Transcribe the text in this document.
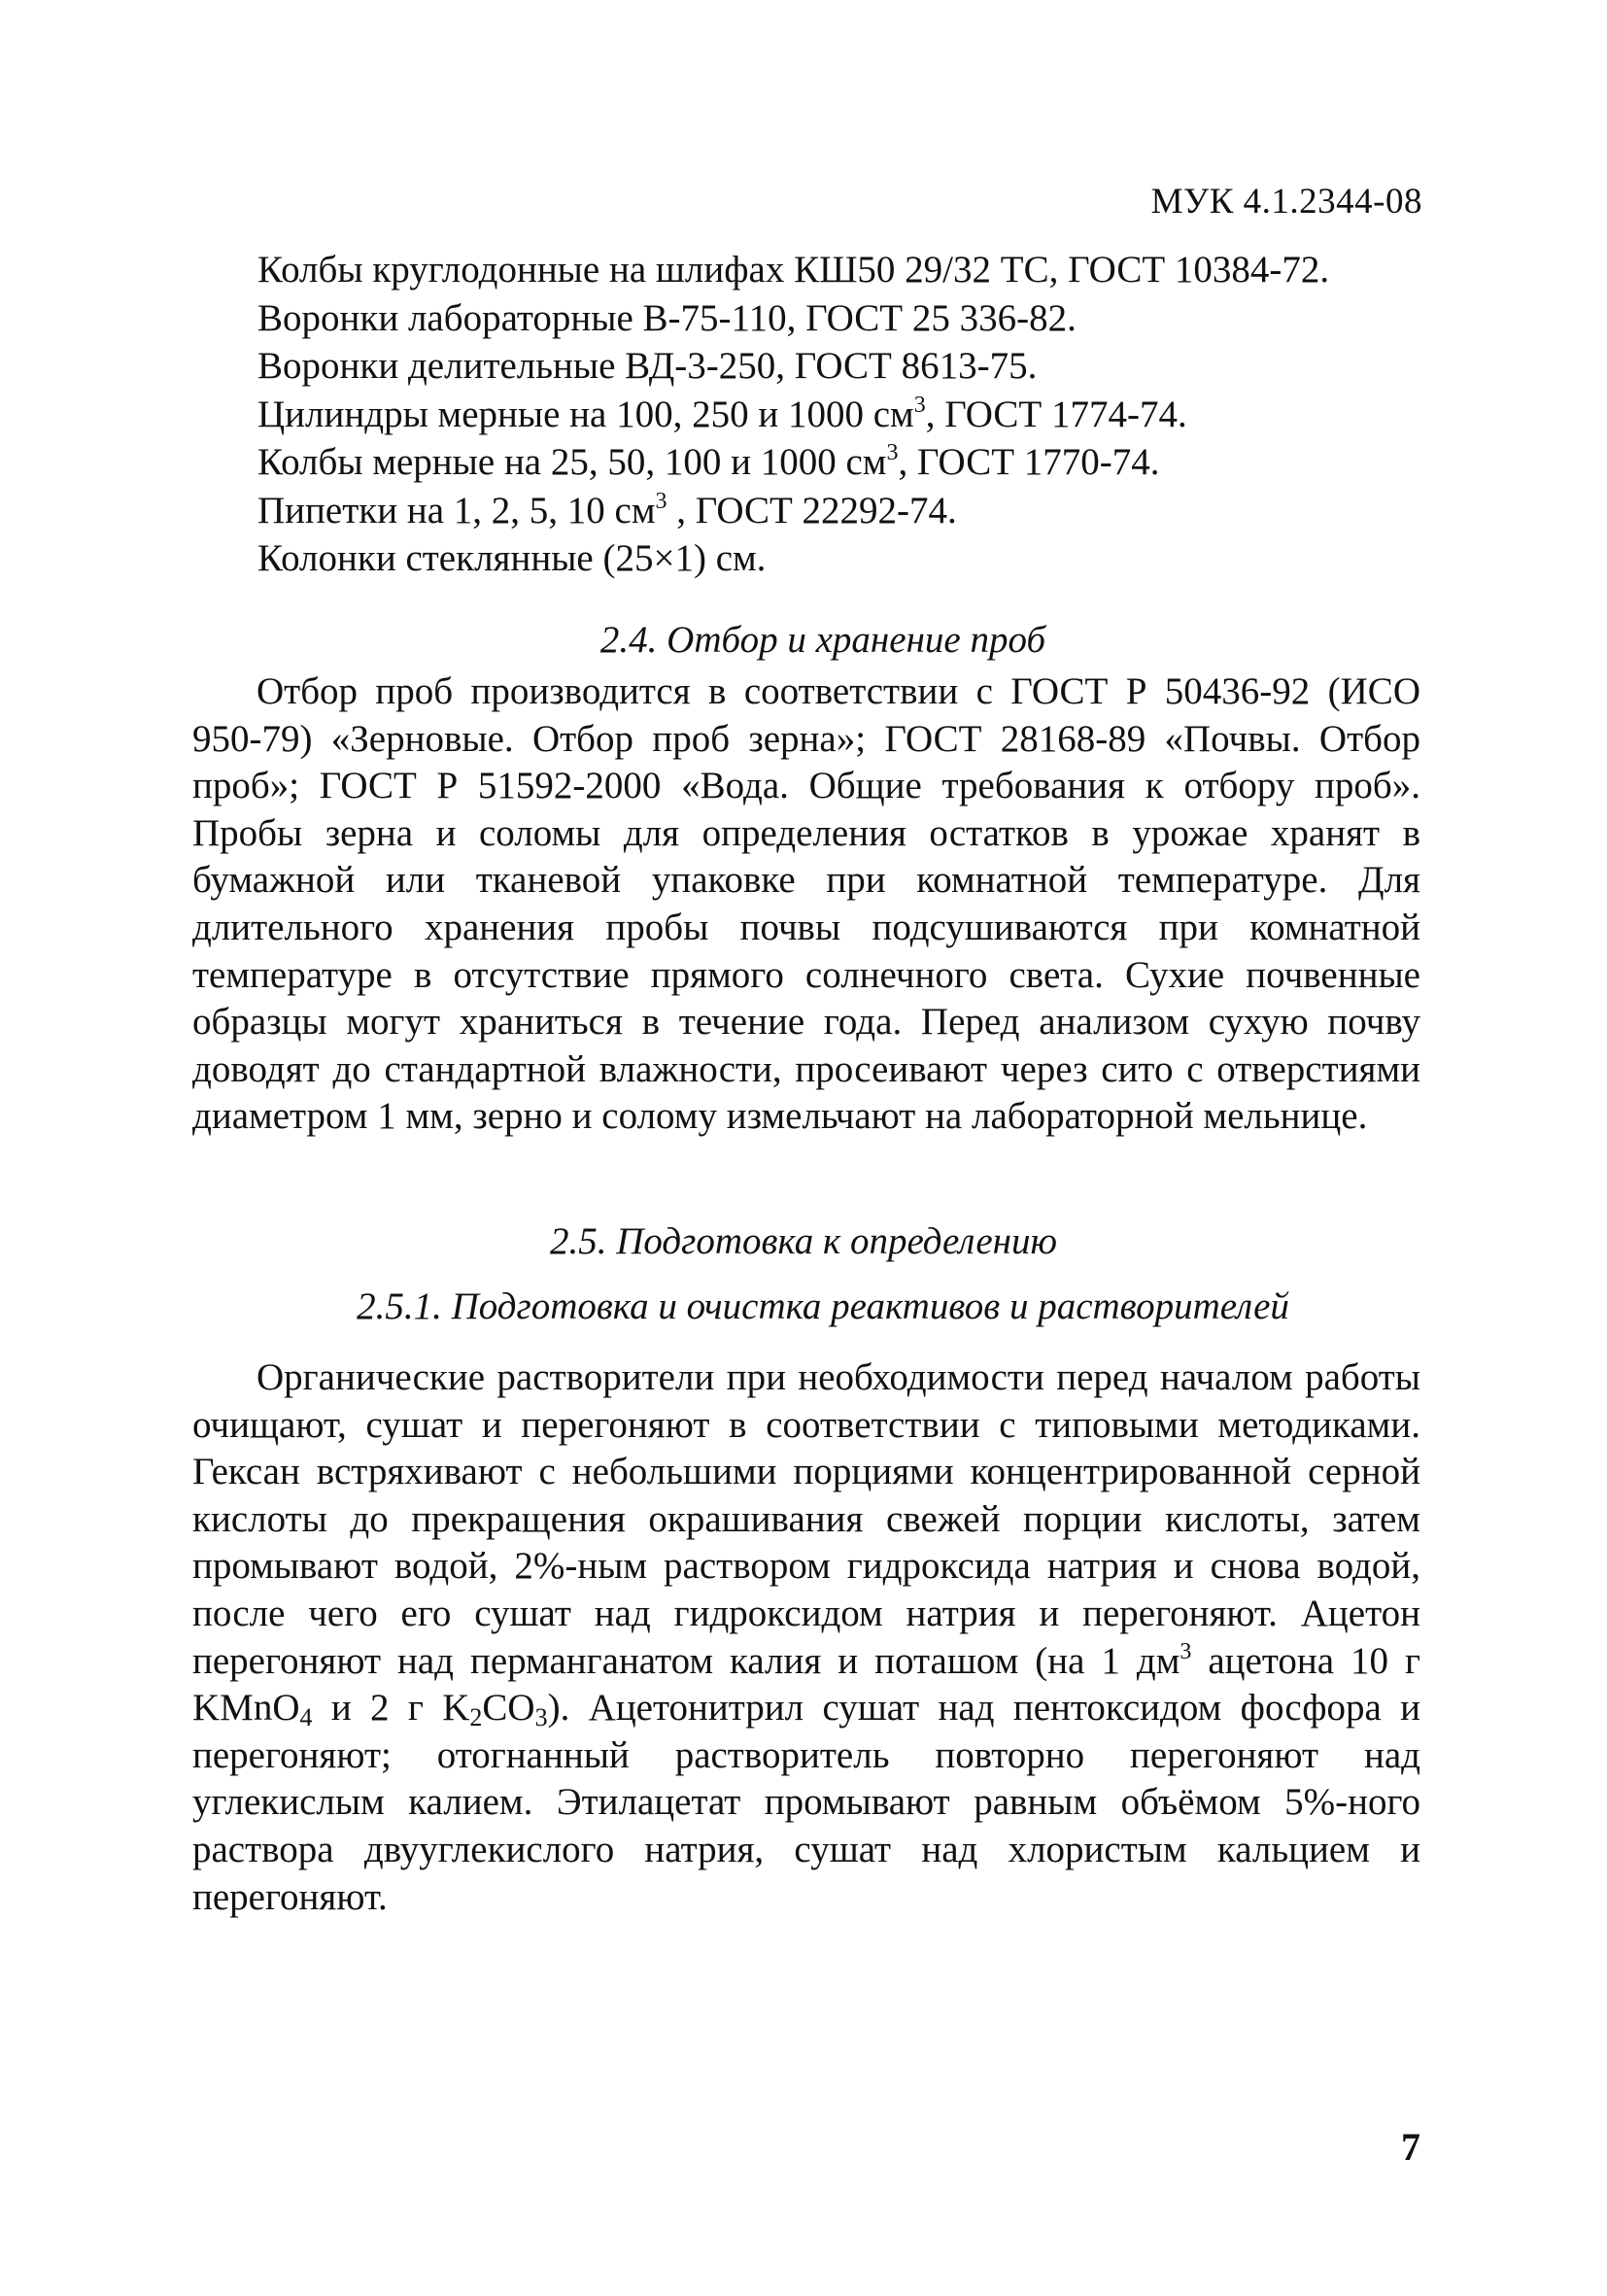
МУК 4.1.2344-08
Колбы круглодонные на шлифах КШ50 29/32 ТС, ГОСТ 10384-72.
Воронки лабораторные В-75-110, ГОСТ 25 336-82.
Воронки делительные ВД-3-250, ГОСТ 8613-75.
Цилиндры мерные на 100, 250 и 1000 $см^3$, ГОСТ 1774-74.
Колбы мерные на 25, 50, 100 и 1000 $см^3$, ГОСТ 1770-74.
Пипетки на 1, 2, 5, 10 $см^3$ , ГОСТ 22292-74.
Колонки стеклянные (25×1) см.
2.4. Отбор и хранение проб

Отбор проб производится в соответствии с ГОСТ Р 50436-92 (ИСО 950-79) «Зерновые. Отбор проб зерна»; ГОСТ 28168-89 «Почвы. Отбор проб»; ГОСТ Р 51592-2000 «Вода. Общие требования к отбору проб». Пробы зерна и соломы для определения остатков в урожае хранят в бумажной или тканевой упаковке при комнатной температуре. Для длительного хранения пробы почвы подсушиваются при комнатной температуре в отсутствие прямого солнечного света. Сухие почвенные образцы могут храниться в течение года. Перед анализом сухую почву доводят до стандартной влажности, просеивают через сито с отверстиями диаметром 1 мм, зерно и солому измельчают на лабораторной мельнице.

2.5. Подготовка к определению
2.5.1. Подготовка и очистка реактивов и растворителей

Органические растворители при необходимости перед началом работы очищают, сушат и перегоняют в соответствии с типовыми методиками. Гексан встряхивают с небольшими порциями концентрированной серной кислоты до прекращения окрашивания свежей порции кислоты, затем промывают водой, 2%-ным раствором гидроксида натрия и снова водой, после чего его сушат над гидроксидом натрия и перегоняют. Ацетон перегоняют над перманганатом калия и поташом (на 1 $дм^3$ ацетона 10 г KMnO$_4$ и 2 г $K_2CO_3$). Ацетонитрил сушат над пентоксидом фосфора и перегоняют; отогнанный растворитель повторно перегоняют над углекислым калием. Этилацетат промывают равным объёмом 5%-ного раствора двууглекислого натрия, сушат над хлористым кальцием и перегоняют.

7
